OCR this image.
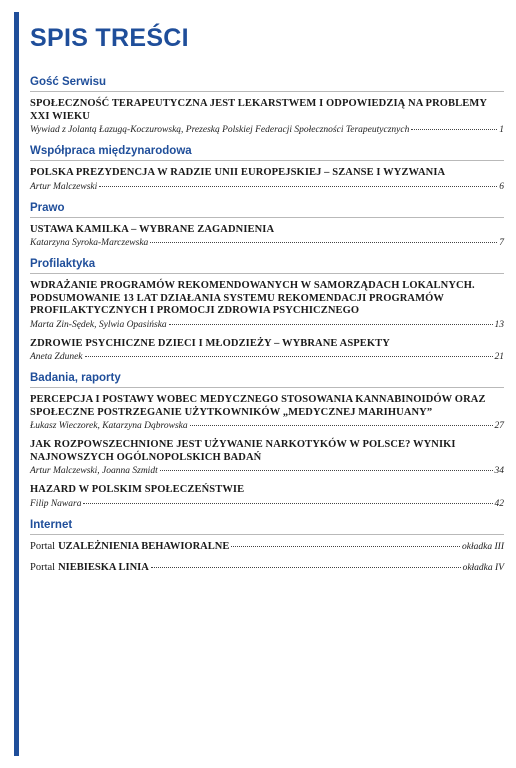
SPIS TREŚCI
Gość Serwisu
SPOŁECZNOŚĆ TERAPEUTYCZNA JEST LEKARSTWEM I ODPOWIEDZIĄ NA PROBLEMY XXI WIEKU
Wywiad z Jolantą Łazugą-Koczurowską, Prezeską Polskiej Federacji Społeczności Terapeutycznych	1
Współpraca międzynarodowa
POLSKA PREZYDENCJA W RADZIE UNII EUROPEJSKIEJ – SZANSE I WYZWANIA
Artur Malczewski	6
Prawo
USTAWA KAMILKA – WYBRANE ZAGADNIENIA
Katarzyna Syroka-Marczewska	7
Profilaktyka
WDRAŻANIE PROGRAMÓW REKOMENDOWANYCH W SAMORZĄDACH LOKALNYCH. PODSUMOWANIE 13 LAT DZIAŁANIA SYSTEMU REKOMENDACJI PROGRAMÓW PROFILAKTYCZNYCH I PROMOCJI ZDROWIA PSYCHICZNEGO
Marta Zin-Sędek, Sylwia Opasińska	13
ZDROWIE PSYCHICZNE DZIECI I MŁODZIEŻY – WYBRANE ASPEKTY
Aneta Zdunek	21
Badania, raporty
PERCEPCJA I POSTAWY WOBEC MEDYCZNEGO STOSOWANIA KANNABINOIDÓW ORAZ SPOŁECZNE POSTRZEGANIE UŻYTKOWNIKÓW „MEDYCZNEJ MARIHUANY”
Łukasz Wieczorek, Katarzyna Dąbrowska	27
JAK ROZPOWSZECHNIONE JEST UŻYWANIE NARKOTYKÓW W POLSCE? WYNIKI NAJNOWSZYCH OGÓLNOPOLSKICH BADAŃ
Artur Malczewski, Joanna Szmidt	34
HAZARD W POLSKIM SPOŁECZEŃSTWIE
Filip Nawara	42
Internet
Portal UZALEŻNIENIA BEHAWIORALNE	okładka III
Portal NIEBIESKA LINIA	okładka IV
